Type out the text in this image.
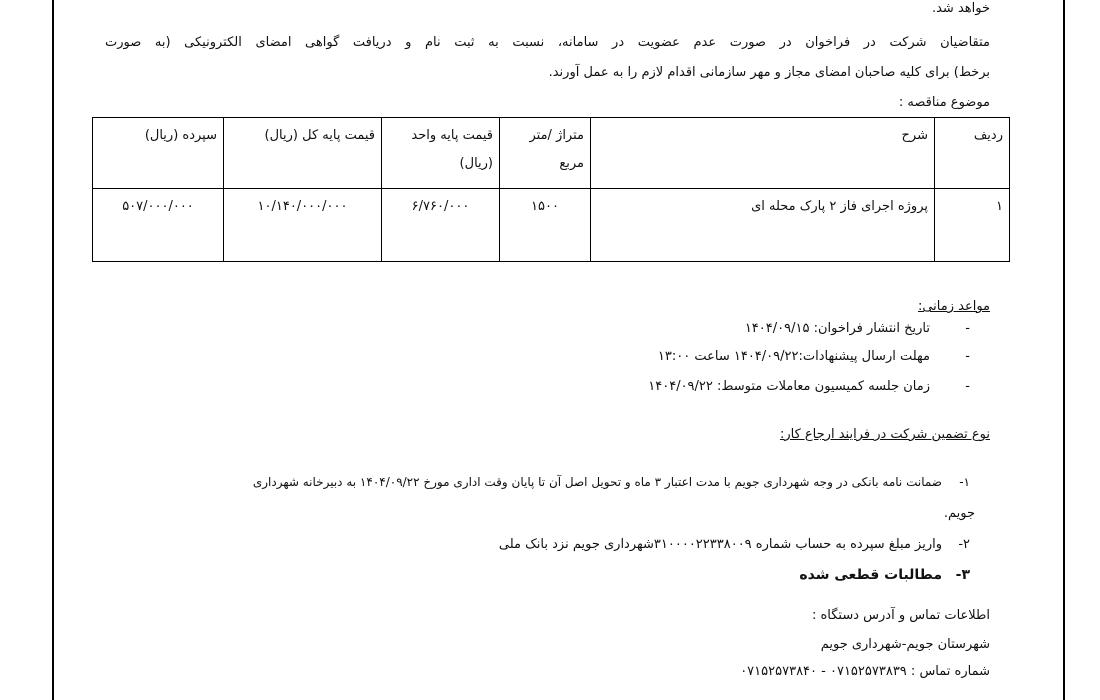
خواهد شد.
متقاضیان شرکت در فراخوان در صورت عدم عضویت در سامانه، نسبت به ثبت نام و دریافت گواهی امضای الکترونیکی (به صورت
برخط) برای کلیه صاحبان امضای مجاز و مهر سازمانی اقدام لازم را به عمل آورند.
موضوع مناقصه :
ردیف	شرح	متراژ /متر مربع	قیمت پایه واحد (ریال)	قیمت پایه کل (ریال)	سپرده (ریال)
۱	پروژه اجرای فاز ۲ پارک محله ای	۱۵۰۰	۶/۷۶۰/۰۰۰	۱۰/۱۴۰/۰۰۰/۰۰۰	۵۰۷/۰۰۰/۰۰۰
مواعد زمانی:
-تاریخ انتشار فراخوان: ۱۴۰۴/۰۹/۱۵
-مهلت ارسال پیشنهادات:۱۴۰۴/۰۹/۲۲ ساعت ۱۳:۰۰
-زمان جلسه کمیسیون معاملات متوسط: ۱۴۰۴/۰۹/۲۲
نوع تضمین شرکت در فرایند ارجاع کار:
۱-ضمانت نامه بانکی در وجه شهرداری جویم با مدت اعتبار ۳ ماه و تحویل اصل آن تا پایان وقت اداری مورخ ۱۴۰۴/۰۹/۲۲ به دبیرخانه شهرداری
جویم.
۲-واریز مبلغ سپرده به حساب شماره ۳۱۰۰۰۰۲۲۳۳۸۰۰۹شهرداری جویم نزد بانک ملی
۳-مطالبات قطعی شده
اطلاعات تماس و آدرس دستگاه :
شهرستان جویم-شهرداری جویم
شماره تماس : ۰۷۱۵۲۵۷۳۸۳۹ - ۰۷۱۵۲۵۷۳۸۴۰
